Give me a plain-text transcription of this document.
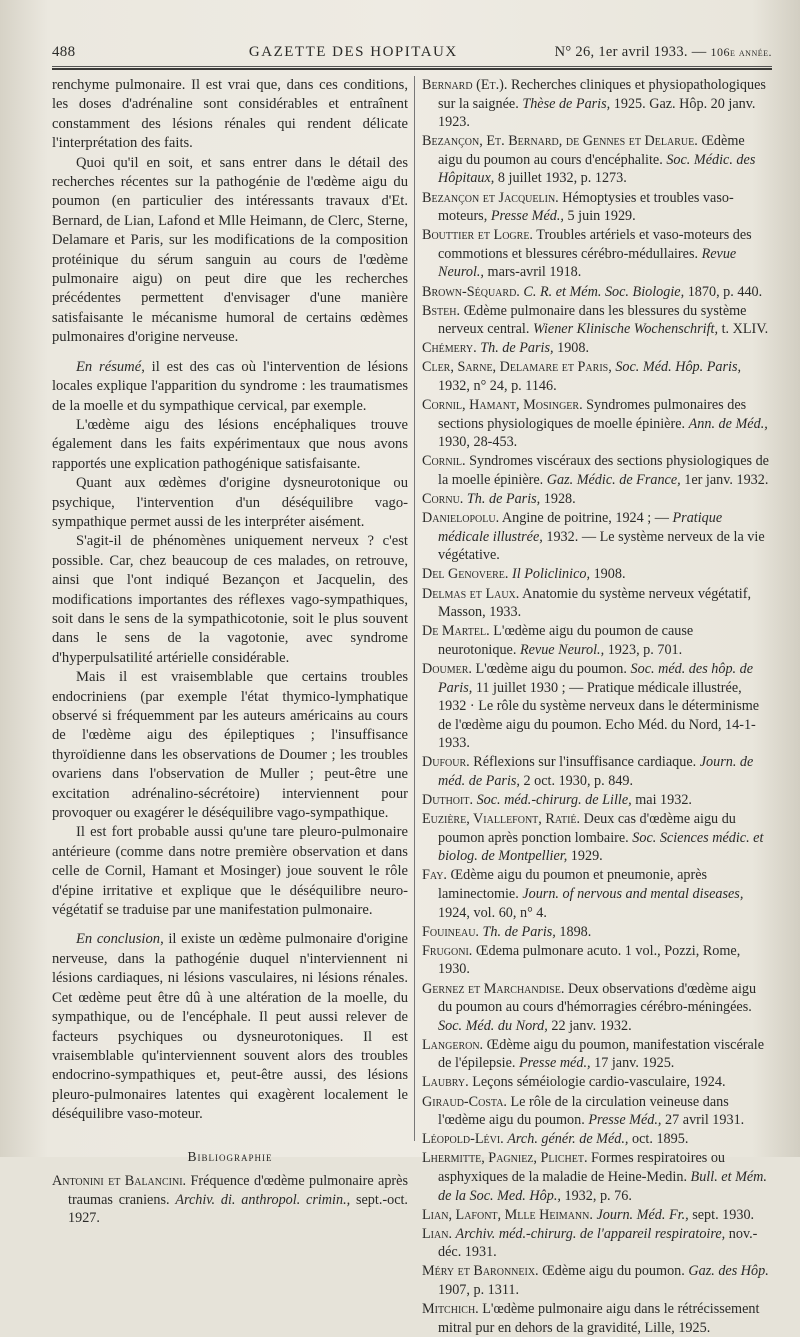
488	GAZETTE DES HOPITAUX	N° 26, 1er avril 1933. — 106e année.

renchyme pulmonaire. Il est vrai que, dans ces conditions, les doses d'adrénaline sont considérables et entraînent constamment des lésions rénales qui rendent délicate l'interprétation des faits.

Quoi qu'il en soit, et sans entrer dans le détail des recherches récentes sur la pathogénie de l'œdème aigu du poumon (en particulier des intéressants travaux d'Et. Bernard, de Lian, Lafond et Mlle Heimann, de Clerc, Sterne, Delamare et Paris, sur les modifications de la composition protéinique du sérum sanguin au cours de l'œdème pulmonaire aigu) on peut dire que les recherches précédentes permettent d'envisager d'une manière satisfaisante le mécanisme humoral de certains œdèmes pulmonaires d'origine nerveuse.

En résumé, il est des cas où l'intervention de lésions locales explique l'apparition du syndrome : les traumatismes de la moelle et du sympathique cervical, par exemple.

L'œdème aigu des lésions encéphaliques trouve également dans les faits expérimentaux que nous avons rapportés une explication pathogénique satisfaisante.

Quant aux œdèmes d'origine dysneurotonique ou psychique, l'intervention d'un déséquilibre vago-sympathique permet aussi de les interpréter aisément.

S'agit-il de phénomènes uniquement nerveux ? c'est possible. Car, chez beaucoup de ces malades, on retrouve, ainsi que l'ont indiqué Bezançon et Jacquelin, des modifications importantes des réflexes vago-sympathiques, soit dans le sens de la sympathicotonie, soit le plus souvent dans le sens de la vagotonie, avec syndrome d'hyperpulsatilité artérielle considérable.

Mais il est vraisemblable que certains troubles endocriniens (par exemple l'état thymico-lymphatique observé si fréquemment par les auteurs américains au cours de l'œdème aigu des épileptiques ; l'insuffisance thyroïdienne dans les observations de Doumer ; les troubles ovariens dans l'observation de Muller ; peut-être une excitation adrénalino-sécrétoire) interviennent pour provoquer ou exagérer le déséquilibre vago-sympathique.

Il est fort probable aussi qu'une tare pleuro-pulmonaire antérieure (comme dans notre première observation et dans celle de Cornil, Hamant et Mosinger) joue souvent le rôle d'épine irritative et explique que le déséquilibre neuro-végétatif se traduise par une manifestation pulmonaire.

En conclusion, il existe un œdème pulmonaire d'origine nerveuse, dans la pathogénie duquel n'interviennent ni lésions cardiaques, ni lésions vasculaires, ni lésions rénales. Cet œdème peut être dû à une altération de la moelle, du sympathique, ou de l'encéphale. Il peut aussi relever de facteurs psychiques ou dysneurotoniques. Il est vraisemblable qu'interviennent souvent alors des troubles endocrino-sympathiques et, peut-être aussi, des lésions pleuro-pulmonaires latentes qui exagèrent localement le déséquilibre vaso-moteur.

Bibliographie
Antonini et Balancini. Fréquence d'œdème pulmonaire après traumas craniens. Archiv. di. anthropol. crimin., sept.-oct. 1927.
Bernard (Et.). Recherches cliniques et physiopathologiques sur la saignée. Thèse de Paris, 1925. Gaz. Hôp. 20 janv. 1923.
Bezançon, Et. Bernard, de Gennes et Delarue. Œdème aigu du poumon au cours d'encéphalite. Soc. Médic. des Hôpitaux, 8 juillet 1932, p. 1273.
Bezançon et Jacquelin. Hémoptysies et troubles vaso-moteurs, Presse Méd., 5 juin 1929.
Bouttier et Logre. Troubles artériels et vaso-moteurs des commotions et blessures cérébro-médullaires. Revue Neurol., mars-avril 1918.
Brown-Séquard. C. R. et Mém. Soc. Biologie, 1870, p. 440.
Bsteh. Œdème pulmonaire dans les blessures du système nerveux central. Wiener Klinische Wochenschrift, t. XLIV.
Chémery. Th. de Paris, 1908.
Cler, Sarne, Delamare et Paris, Soc. Méd. Hôp. Paris, 1932, n° 24, p. 1146.
Cornil, Hamant, Mosinger. Syndromes pulmonaires des sections physiologiques de moelle épinière. Ann. de Méd., 1930, 28-453.
Cornil. Syndromes viscéraux des sections physiologiques de la moelle épinière. Gaz. Médic. de France, 1er janv. 1932.
Cornu. Th. de Paris, 1928.
Danielopolu. Angine de poitrine, 1924 ; — Pratique médicale illustrée, 1932. — Le système nerveux de la vie végétative.
Del Genovere. Il Policlinico, 1908.
Delmas et Laux. Anatomie du système nerveux végétatif, Masson, 1933.
De Martel. L'œdème aigu du poumon de cause neurotonique. Revue Neurol., 1923, p. 701.
Doumer. L'œdème aigu du poumon. Soc. méd. des hôp. de Paris, 11 juillet 1930 ; — Pratique médicale illustrée, 1932 · Le rôle du système nerveux dans le déterminisme de l'œdème aigu du poumon. Echo Méd. du Nord, 14-1-1933.
Dufour. Réflexions sur l'insuffisance cardiaque. Journ. de méd. de Paris, 2 oct. 1930, p. 849.
Duthoit. Soc. méd.-chirurg. de Lille, mai 1932.
Euzière, Viallefont, Ratié. Deux cas d'œdème aigu du poumon après ponction lombaire. Soc. Sciences médic. et biolog. de Montpellier, 1929.
Fay. Œdème aigu du poumon et pneumonie, après laminectomie. Journ. of nervous and mental diseases, 1924, vol. 60, n° 4.
Fouineau. Th. de Paris, 1898.
Frugoni. Œdema pulmonare acuto. 1 vol., Pozzi, Rome, 1930.
Gernez et Marchandise. Deux observations d'œdème aigu du poumon au cours d'hémorragies cérébro-méningées. Soc. Méd. du Nord, 22 janv. 1932.
Langeron. Œdème aigu du poumon, manifestation viscérale de l'épilepsie. Presse méd., 17 janv. 1925.
Laubry. Leçons séméiologie cardio-vasculaire, 1924.
Giraud-Costa. Le rôle de la circulation veineuse dans l'œdème aigu du poumon. Presse Méd., 27 avril 1931.
Léopold-Lévi. Arch. génér. de Méd., oct. 1895.
Lhermitte, Pagniez, Plichet. Formes respiratoires ou asphyxiques de la maladie de Heine-Medin. Bull. et Mém. de la Soc. Med. Hôp., 1932, p. 76.
Lian, Lafont, Mlle Heimann. Journ. Méd. Fr., sept. 1930.
Lian. Archiv. méd.-chirurg. de l'appareil respiratoire, nov.-déc. 1931.
Méry et Baronneix. Œdème aigu du poumon. Gaz. des Hôp. 1907, p. 1311.
Mitchich. L'œdème pulmonaire aigu dans le rétrécissement mitral pur en dehors de la gravidité, Lille, 1925.
